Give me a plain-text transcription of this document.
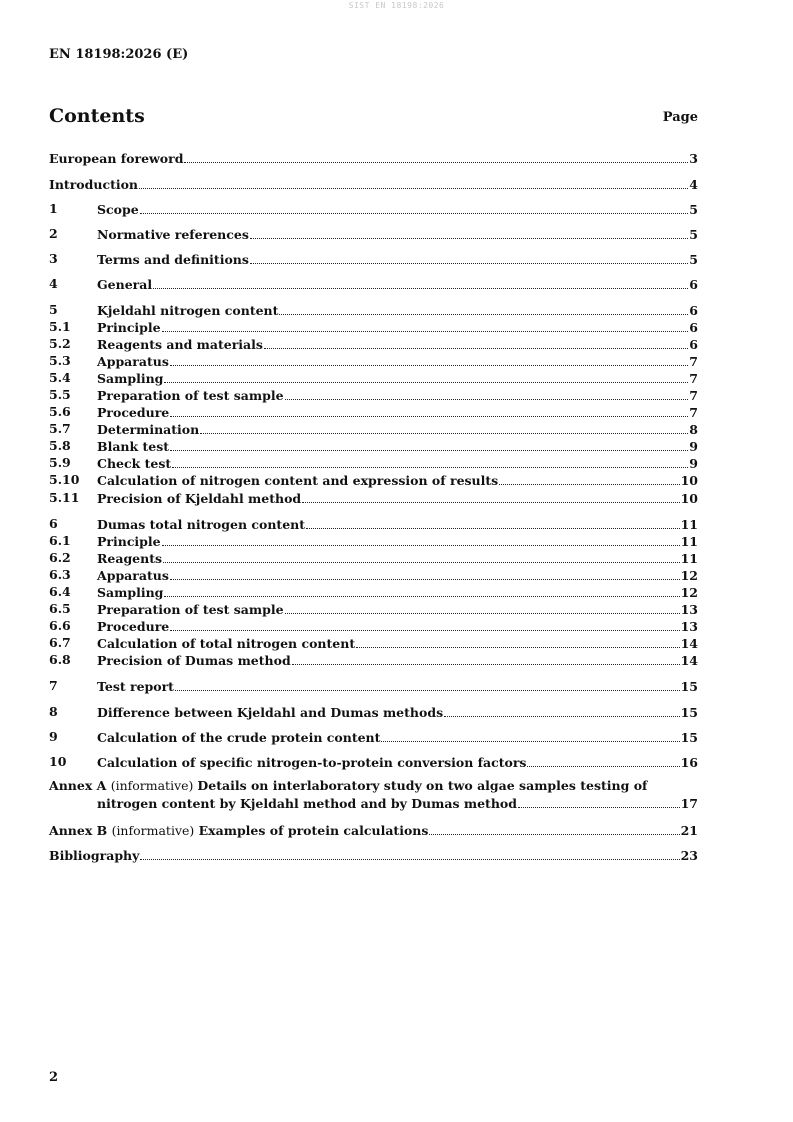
SIST EN 18198:2026
EN 18198:2026 (E)
Contents	Page
European foreword	3
Introduction	4
1	Scope	5
2	Normative references	5
3	Terms and definitions	5
4	General	6
5	Kjeldahl nitrogen content	6
5.1 Principle	6
5.2 Reagents and materials	6
5.3 Apparatus	7
5.4 Sampling	7
5.5 Preparation of test sample	7
5.6 Procedure	7
5.7 Determination	8
5.8 Blank test	9
5.9 Check test	9
5.10 Calculation of nitrogen content and expression of results	10
5.11 Precision of Kjeldahl method	10
6	Dumas total nitrogen content	11
6.1 Principle	11
6.2 Reagents	11
6.3 Apparatus	12
6.4 Sampling	12
6.5 Preparation of test sample	13
6.6 Procedure	13
6.7 Calculation of total nitrogen content	14
6.8 Precision of Dumas method	14
7	Test report	15
8	Difference between Kjeldahl and Dumas methods	15
9	Calculation of the crude protein content	15
10 Calculation of specific nitrogen-to-protein conversion factors	16
Annex A (informative) Details on interlaboratory study on two algae samples testing of
nitrogen content by Kjeldahl method and by Dumas method	17
Annex B (informative) Examples of protein calculations	21
Bibliography	23
2
